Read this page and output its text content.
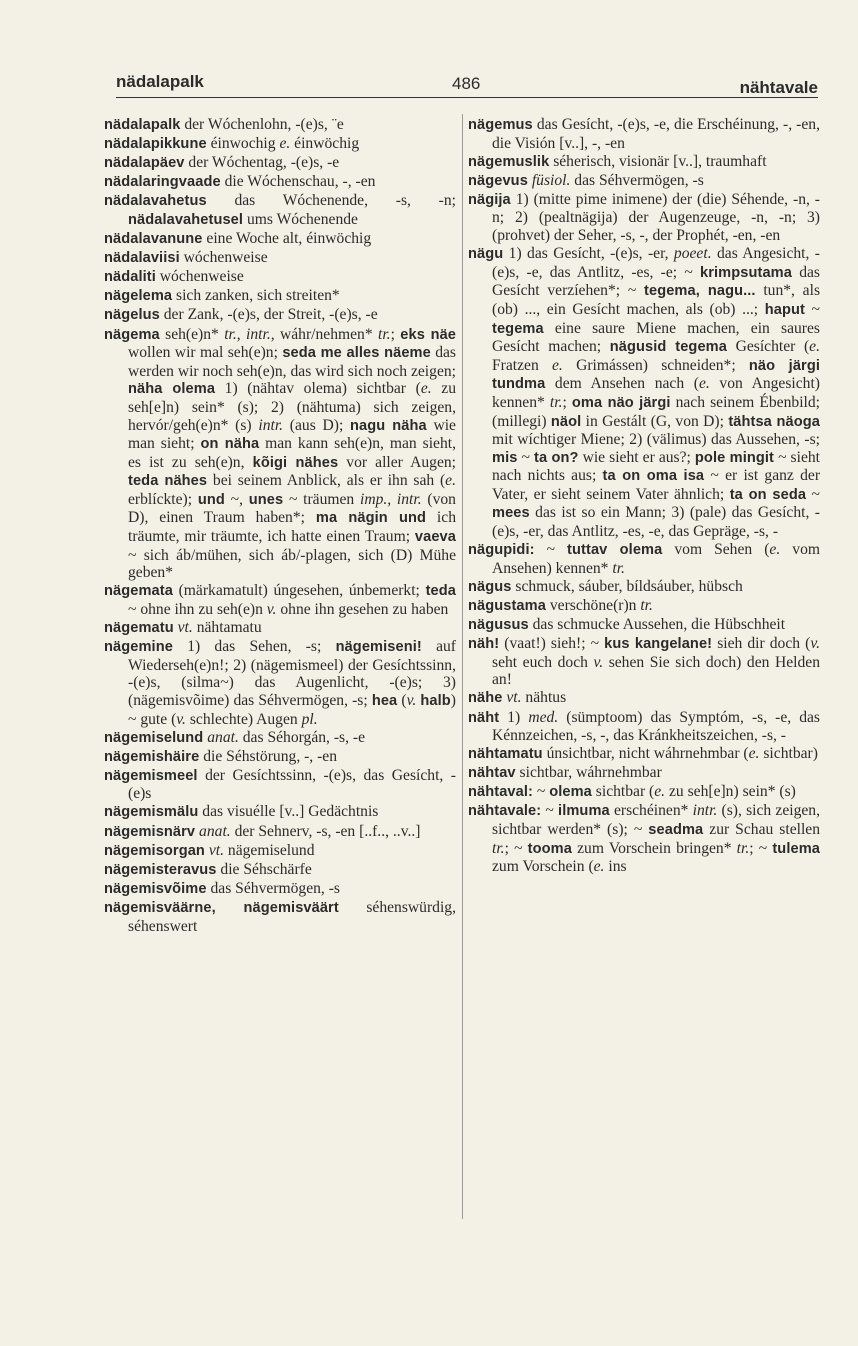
nädalapalk	486	nähtavale

nädalapalk der Wóchenlohn, -(e)s, ¨e

nädalapikkune éinwochig e. éinwöchig

nädalapäev der Wóchentag, -(e)s, -e

nädalaringvaade die Wóchenschau, -, -en

nädalavahetus das Wóchenende, -s, -n; nädalavahetusel ums Wóchenende

nädalavanune eine Woche alt, éinwöchig

nädalaviisi wóchenweise

nädaliti wóchenweise

nägelema sich zanken, sich streiten*

nägelus der Zank, -(e)s, der Streit, -(e)s, -e

nägema seh(e)n* tr., intr., wáhr/nehmen* tr.; eks näe wollen wir mal seh(e)n; seda me alles näeme das werden wir noch seh(e)n, das wird sich noch zeigen; näha olema 1) (nähtav olema) sichtbar (e. zu seh[e]n) sein* (s); 2) (nähtuma) sich zeigen, hervór/geh(e)n* (s) intr. (aus D); nagu näha wie man sieht; on näha man kann seh(e)n, man sieht, es ist zu seh(e)n, kõigi nähes vor aller Augen; teda nähes bei seinem Anblick, als er ihn sah (e. erblíckte); und ~, unes ~ träumen imp., intr. (von D), einen Traum haben*; ma nägin und ich träumte, mir träumte, ich hatte einen Traum; vaeva ~ sich áb/mühen, sich áb/-plagen, sich (D) Mühe geben*

nägemata (märkamatult) úngesehen, únbemerkt; teda ~ ohne ihn zu seh(e)n v. ohne ihn gesehen zu haben

nägematu vt. nähtamatu

nägemine 1) das Sehen, -s; nägemiseni! auf Wiederseh(e)n!; 2) (nägemismeel) der Gesíchtssinn, -(e)s, (silma~) das Augenlicht, -(e)s; 3) (nägemisvõime) das Séhvermögen, -s; hea (v. halb) ~ gute (v. schlechte) Augen pl.

nägemiselund anat. das Séhorgán, -s, -e

nägemishäire die Séhstörung, -, -en

nägemismeel der Gesíchtssinn, -(e)s, das Gesícht, -(e)s

nägemismälu das visuélle [v..] Gedächtnis

nägemisnärv anat. der Sehnerv, -s, -en [..f.., ..v..]

nägemisorgan vt. nägemiselund

nägemisteravus die Séhschärfe

nägemisvõime das Séhvermögen, -s

nägemisväärne, nägemisväärt séhenswürdig, séhenswert

nägemus das Gesícht, -(e)s, -e, die Erschéinung, -, -en, die Visión [v..], -, -en

nägemuslik séherisch, visionär [v..], traumhaft

nägevus füsiol. das Séhvermögen, -s

nägija 1) (mitte pime inimene) der (die) Séhende, -n, -n; 2) (pealtnägija) der Augenzeuge, -n, -n; 3) (prohvet) der Seher, -s, -, der Prophét, -en, -en

nägu 1) das Gesícht, -(e)s, -er, poeet. das Angesicht, -(e)s, -e, das Antlitz, -es, -e; ~ krimpsutama das Gesícht verzíehen*; ~ tegema, nagu... tun*, als (ob) ..., ein Gesícht machen, als (ob) ...; haput ~ tegema eine saure Miene machen, ein saures Gesícht machen; nägusid tegema Gesíchter (e. Fratzen e. Grimássen) schneiden*; näo järgi tundma dem Ansehen nach (e. von Angesicht) kennen* tr.; oma näo järgi nach seinem Ébenbild; (millegi) näol in Gestált (G, von D); tähtsa näoga mit wíchtiger Miene; 2) (välimus) das Aussehen, -s; mis ~ ta on? wie sieht er aus?; pole mingit ~ sieht nach nichts aus; ta on oma isa ~ er ist ganz der Vater, er sieht seinem Vater ähnlich; ta on seda ~ mees das ist so ein Mann; 3) (pale) das Gesícht, -(e)s, -er, das Antlitz, -es, -e, das Gepräge, -s, -

nägupidi: ~ tuttav olema vom Sehen (e. vom Ansehen) kennen* tr.

nägus schmuck, sáuber, bíldsáuber, hübsch

nägustama verschöne(r)n tr.

nägusus das schmucke Aussehen, die Hübschheit

näh! (vaat!) sieh!; ~ kus kangelane! sieh dir doch (v. seht euch doch v. sehen Sie sich doch) den Helden an!

nähe vt. nähtus

näht 1) med. (sümptoom) das Symptóm, -s, -e, das Kénnzeichen, -s, -, das Kránkheitszeichen, -s, -

nähtamatu únsichtbar, nicht wáhrnehmbar (e. sichtbar)

nähtav sichtbar, wáhrnehmbar

nähtaval: ~ olema sichtbar (e. zu seh[e]n) sein* (s)

nähtavale: ~ ilmuma erschéinen* intr. (s), sich zeigen, sichtbar werden* (s); ~ seadma zur Schau stellen tr.; ~ tooma zum Vorschein bringen* tr.; ~ tulema zum Vorschein (e. ins
